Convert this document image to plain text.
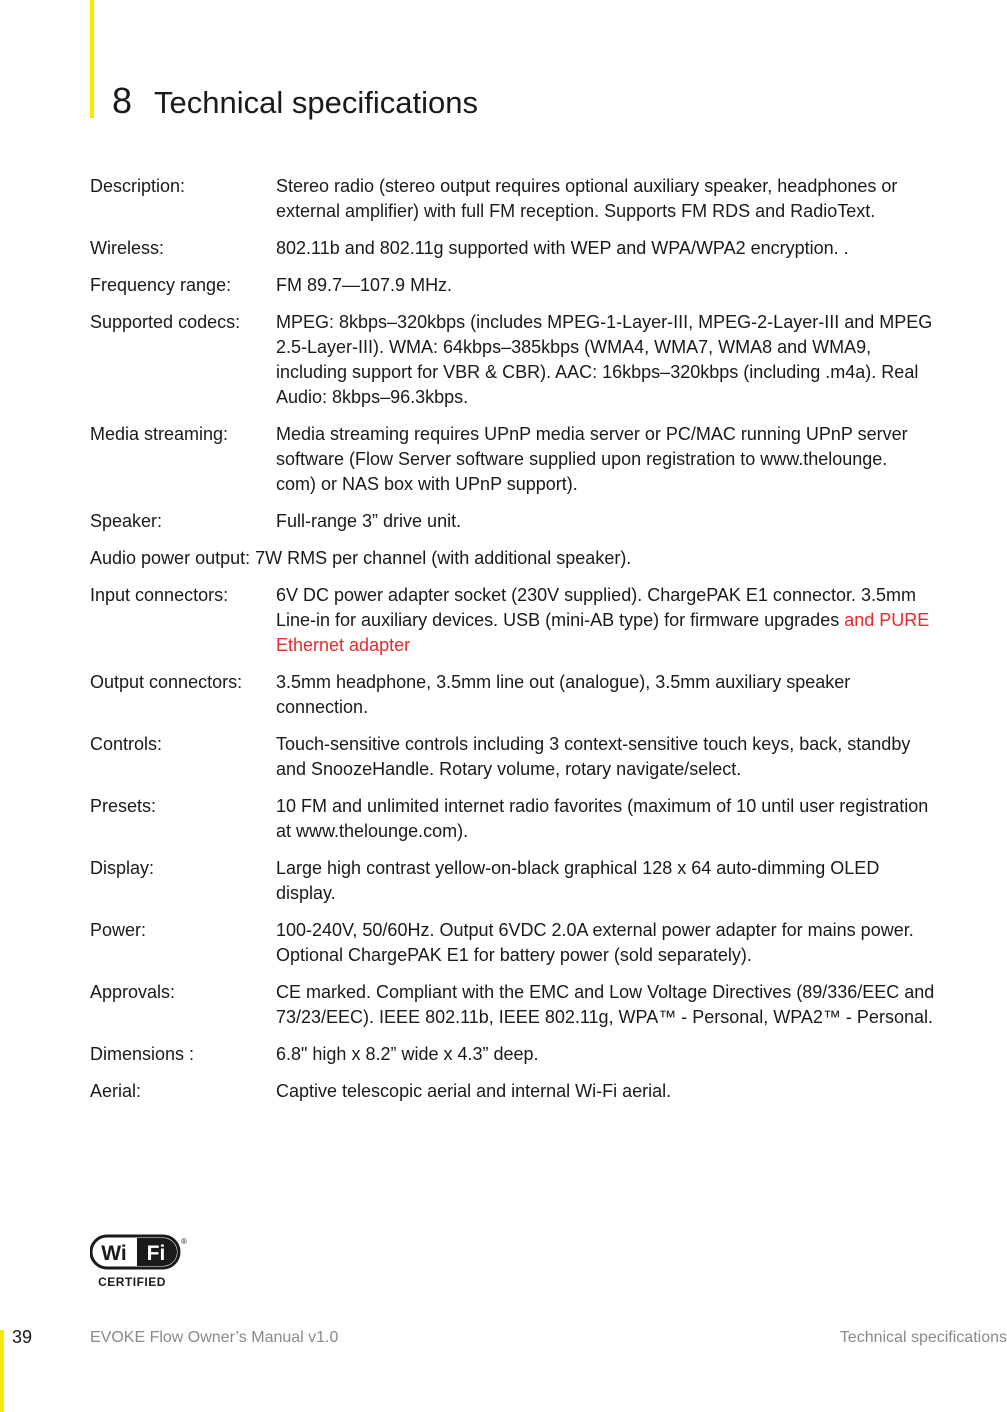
8 Technical specifications
Description:	Stereo radio (stereo output requires optional auxiliary speaker, headphones or
external amplifier) with full FM reception. Supports FM RDS and RadioText.
Wireless:	802.11b and 802.11g supported with WEP and WPA/WPA2 encryption. .
Frequency range: FM 89.7—107.9 MHz.
Supported codecs: MPEG: 8kbps–320kbps (includes MPEG-1-Layer-III, MPEG-2-Layer-III and MPEG
2.5-Layer-III). WMA: 64kbps–385kbps (WMA4, WMA7, WMA8 and WMA9,
including support for VBR & CBR). AAC: 16kbps–320kbps (including .m4a). Real
Audio: 8kbps–96.3kbps.
Media streaming:	Media streaming requires UPnP media server or PC/MAC running UPnP server
software (Flow Server software supplied upon registration to www.thelounge.
com) or NAS box with UPnP support).
Speaker:	Full-range 3” drive unit.
Audio power output: 7W RMS per channel (with additional speaker).
Input connectors:	6V DC power adapter socket (230V supplied). ChargePAK E1 connector. 3.5mm
Line-in for auxiliary devices. USB (mini-AB type) for firmware upgrades and PURE
Ethernet adapter
Output connectors: 3.5mm headphone, 3.5mm line out (analogue), 3.5mm auxiliary speaker
connection.
Controls:	Touch-sensitive controls including 3 context-sensitive touch keys, back, standby
and SnoozeHandle. Rotary volume, rotary navigate/select.
Presets:	10 FM and unlimited internet radio favorites (maximum of 10 until user registration
at www.thelounge.com).
Display:	Large high contrast yellow-on-black graphical 128 x 64 auto-dimming OLED
display.
Power:	100-240V, 50/60Hz. Output 6VDC 2.0A external power adapter for mains power.
Optional ChargePAK E1 for battery power (sold separately).
Approvals:	CE marked. Compliant with the EMC and Low Voltage Directives (89/336/EEC and
73/23/EEC). IEEE 802.11b, IEEE 802.11g, WPA™ - Personal, WPA2™ - Personal.
Dimensions :	6.8" high x 8.2” wide x 4.3” deep.
Aerial:	Captive telescopic aerial and internal Wi-Fi aerial.
Wi Fi
®
CERTIFIED
39	EVOKE Flow Owner’s Manual v1.0	Technical specifications
